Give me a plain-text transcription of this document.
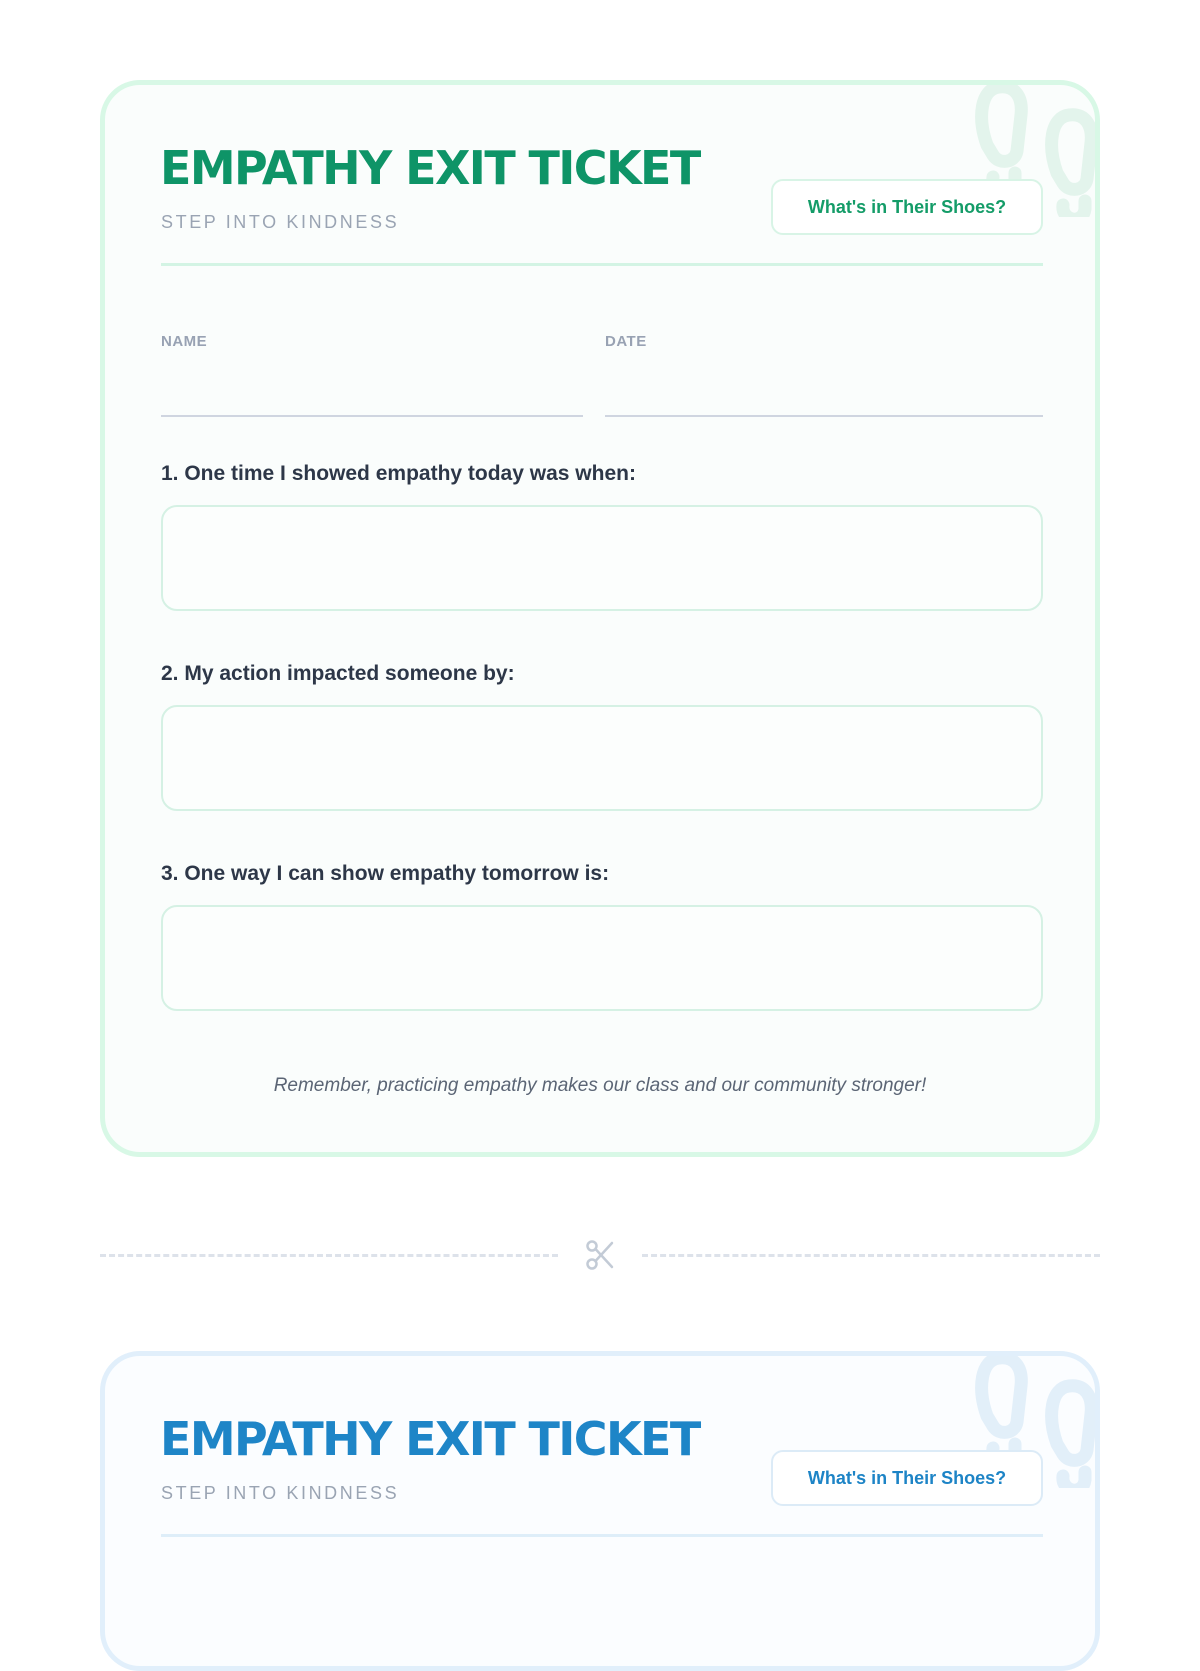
EMPATHY EXIT TICKET
STEP INTO KINDNESS
What's in Their Shoes?
NAME	DATE
1. One time I showed empathy today was when:
2. My action impacted someone by:
3. One way I can show empathy tomorrow is:
Remember, practicing empathy makes our class and our community stronger!
EMPATHY EXIT TICKET
STEP INTO KINDNESS
What's in Their Shoes?
